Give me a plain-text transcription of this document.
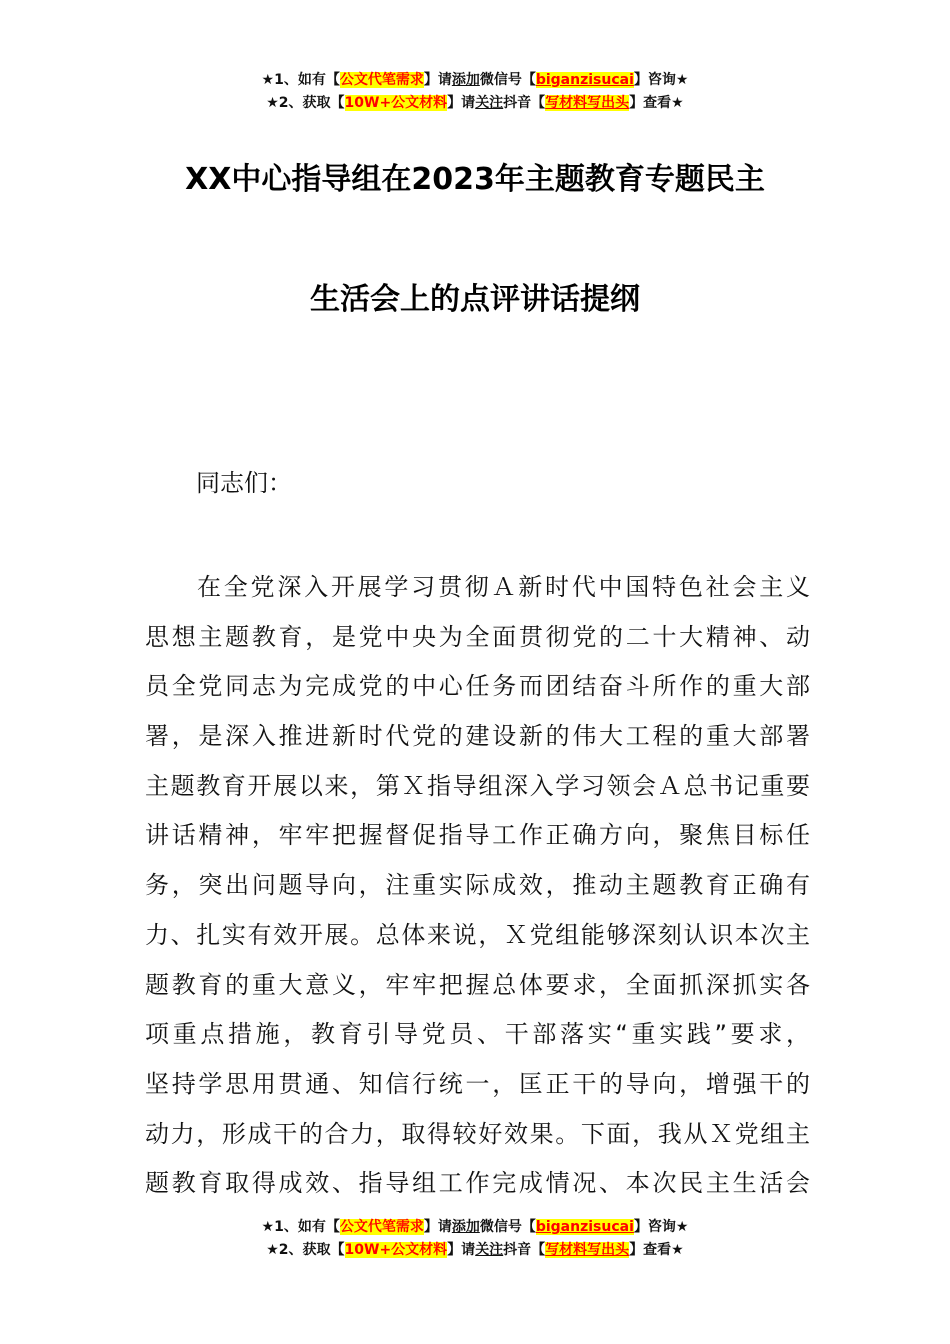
★1、如有【公文代笔需求】请添加微信号【biganzisucai】咨询★
★2、获取【10W+公文材料】请关注抖音【写材料写出头】查看★
XX中心指导组在2023年主题教育专题民主
生活会上的点评讲话提纲
同志们：
在全党深入开展学习贯彻Ａ新时代中国特色社会主义
思想主题教育，是党中央为全面贯彻党的二十大精神、动
员全党同志为完成党的中心任务而团结奋斗所作的重大部
署，是深入推进新时代党的建设新的伟大工程的重大部署
主题教育开展以来，第Ｘ指导组深入学习领会Ａ总书记重要
讲话精神，牢牢把握督促指导工作正确方向，聚焦目标任
务，突出问题导向，注重实际成效，推动主题教育正确有
力、扎实有效开展。总体来说，Ｘ党组能够深刻认识本次主
题教育的重大意义，牢牢把握总体要求，全面抓深抓实各
项重点措施，教育引导党员、干部落实“重实践”要求，
坚持学思用贯通、知信行统一，匡正干的导向，增强干的
动力，形成干的合力，取得较好效果。下面，我从Ｘ党组主
题教育取得成效、指导组工作完成情况、本次民主生活会
★1、如有【公文代笔需求】请添加微信号【biganzisucai】咨询★
★2、获取【10W+公文材料】请关注抖音【写材料写出头】查看★
